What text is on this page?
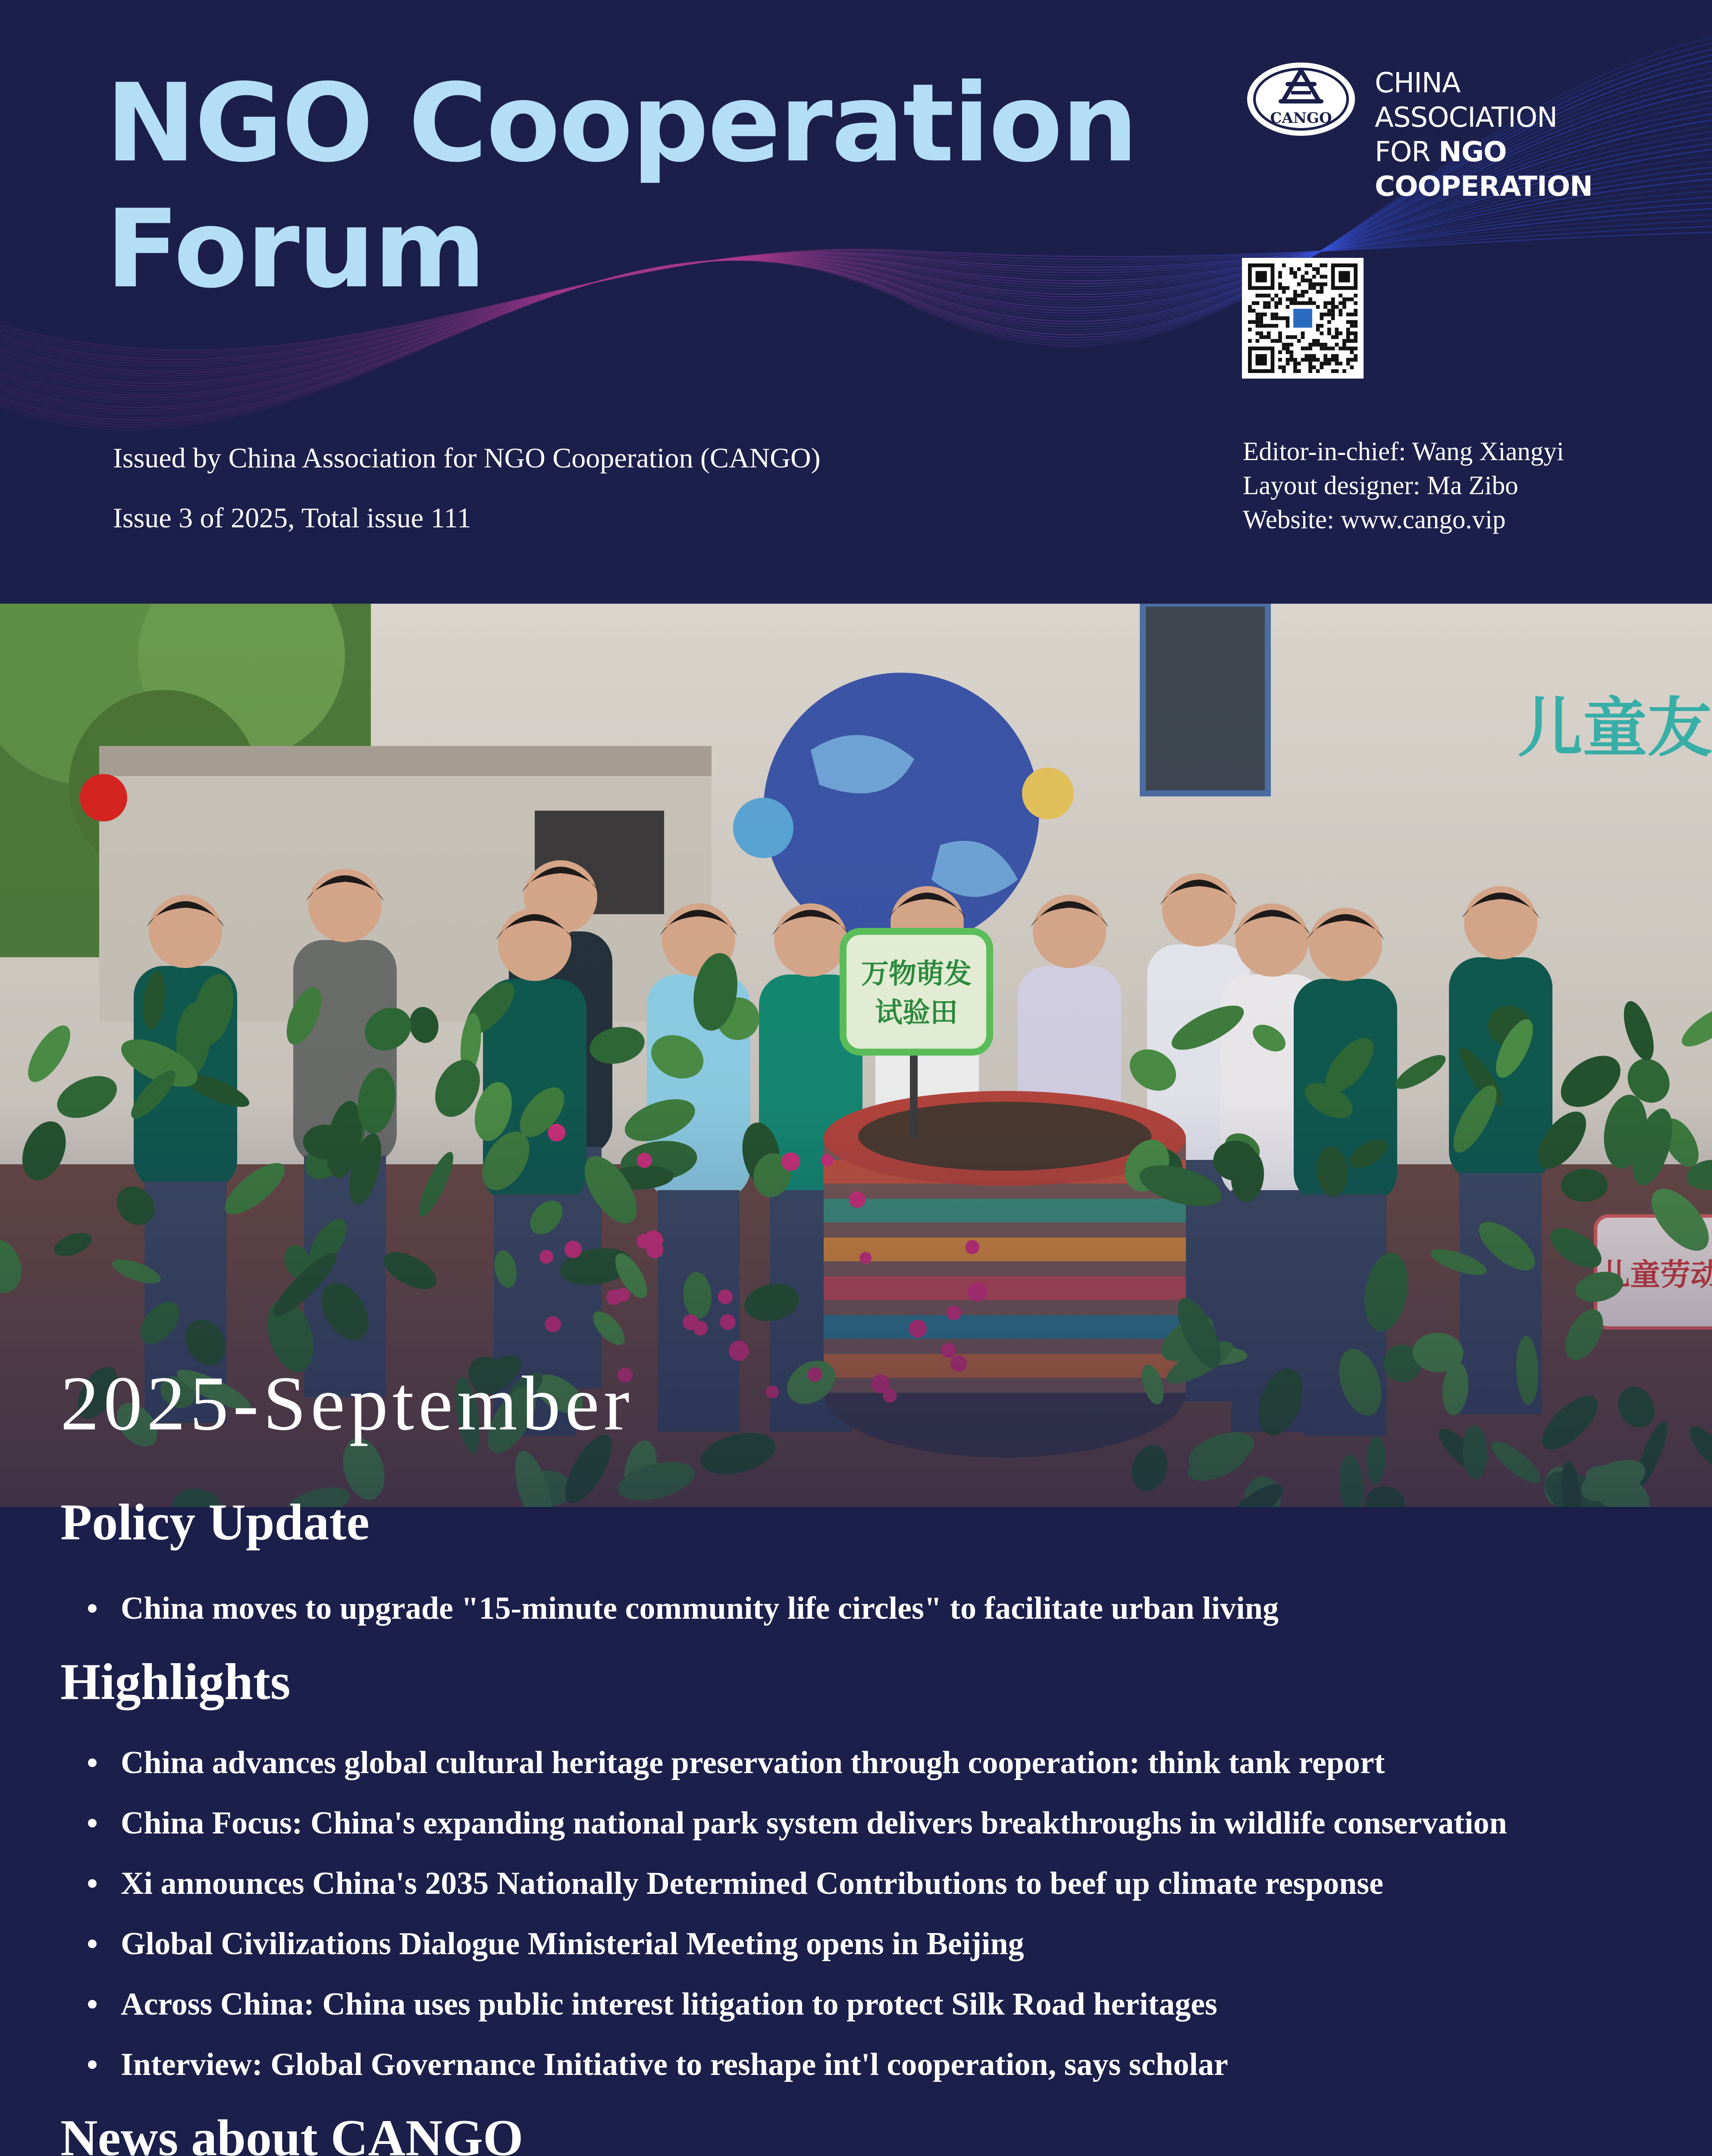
NGO Cooperation
Forum
CANGO
CHINA ASSOCIATION
FOR NGO COOPERATION

Issued by China Association for NGO Cooperation (CANGO)

Issue 3 of 2025, Total issue 111

Editor-in-chief: Wang Xiangyi
Layout designer: Ma Zibo
Website: www.cango.vip

2025-September

Policy Update
China moves to upgrade "15-minute community life circles" to facilitate urban living
Highlights
China advances global cultural heritage preservation through cooperation: think tank report
China Focus: China's expanding national park system delivers breakthroughs in wildlife conservation
Xi announces China's 2035 Nationally Determined Contributions to beef up climate response
Global Civilizations Dialogue Ministerial Meeting opens in Beijing
Across China: China uses public interest litigation to protect Silk Road heritages
Interview: Global Governance Initiative to reshape int'l cooperation, says scholar
News about CANGO
